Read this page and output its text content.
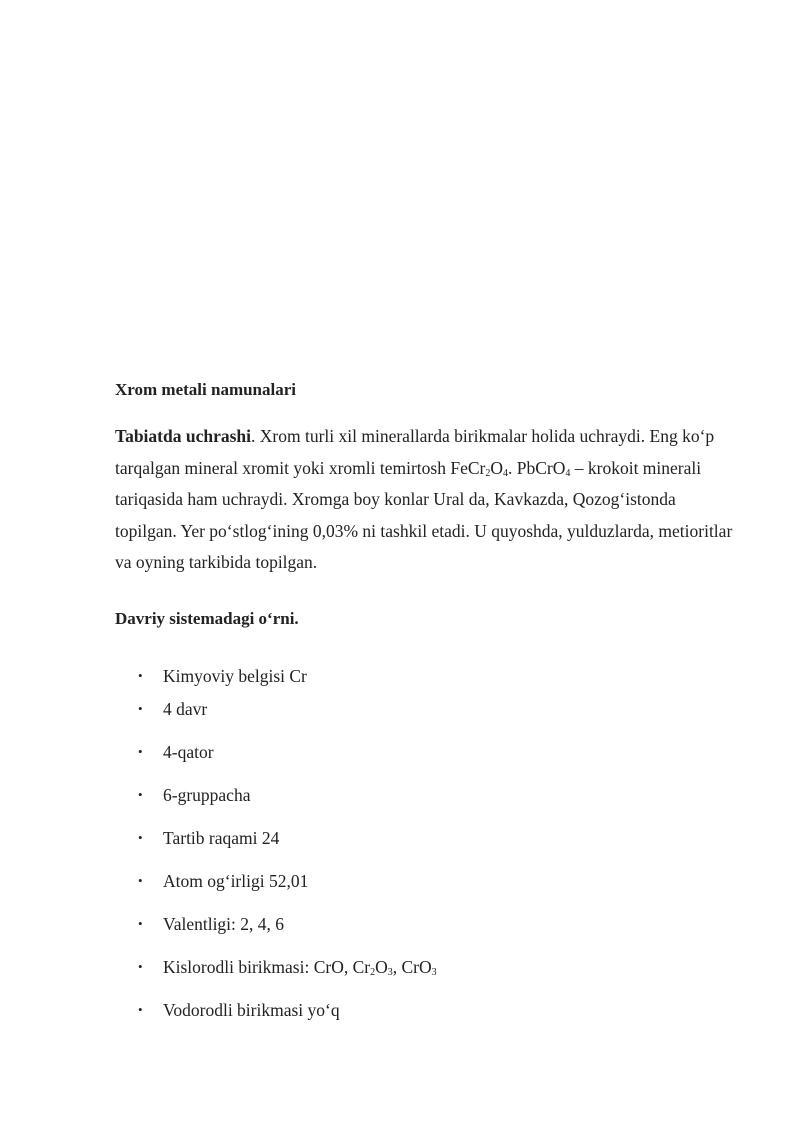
Xrom metali namunalari

Tabiatda uchrashi. Xrom turli xil minerallarda birikmalar holida uchraydi. Eng ko‘p tarqalgan mineral xromit yoki xromli temirtosh $FeCr_2O_4$. PbCrO$_4$ – krokoit minerali tariqasida ham uchraydi. Xromga boy konlar Ural da, Kavkazda, Qozog‘istonda topilgan. Yer po‘stlog‘ining 0,03% ni tashkil etadi. U quyoshda, yulduzlarda, metioritlar va oyning tarkibida topilgan.

Davriy sistemadagi o‘rni.
• Kimyoviy belgisi Cr
• 4 davr
• 4-qator
• 6-gruppacha
• Tartib raqami 24
• Atom og‘irligi 52,01
• Valentligi: 2, 4, 6
• Kislorodli birikmasi: CrO, $Cr_2O_3$, CrO$_3$
• Vodorodli birikmasi yo‘q
